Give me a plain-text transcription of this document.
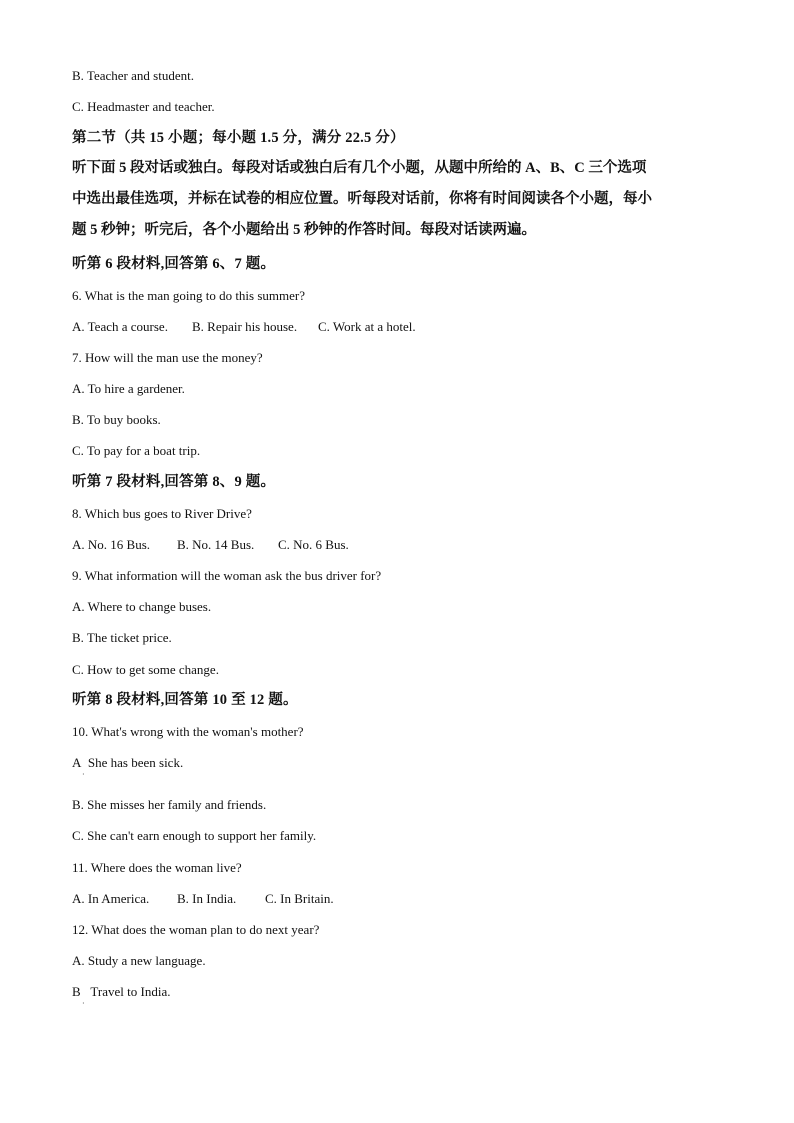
B. Teacher and student.
C. Headmaster and teacher.
第二节（共 15 小题；每小题 1.5 分，满分 22.5 分）
听下面 5 段对话或独白。每段对话或独白后有几个小题，从题中所给的 A、B、C 三个选项
中选出最佳选项，并标在试卷的相应位置。听每段对话前，你将有时间阅读各个小题，每小
题 5 秒钟；听完后，各个小题给出 5 秒钟的作答时间。每段对话读两遍。
听第 6 段材料,回答第 6、7 题。
6. What is the man going to do this summer?
A. Teach a course. B. Repair his house. C. Work at a hotel.
7. How will the man use the money?
A. To hire a gardener.
B. To buy books.
C. To pay for a boat trip.
听第 7 段材料,回答第 8、9 题。
8. Which bus goes to River Drive?
A. No. 16 Bus. B. No. 14 Bus. C. No. 6 Bus.
9. What information will the woman ask the bus driver for?
A. Where to change buses.
B. The ticket price.
C. How to get some change.
听第 8 段材料,回答第 10 至 12 题。
10. What's wrong with the woman's mother?
A She has been sick.
·
B. She misses her family and friends.
C. She can't earn enough to support her family.
11. Where does the woman live?
A. In America. B. In India. C. In Britain.
12. What does the woman plan to do next year?
A. Study a new language.
B Travel to India.
·
